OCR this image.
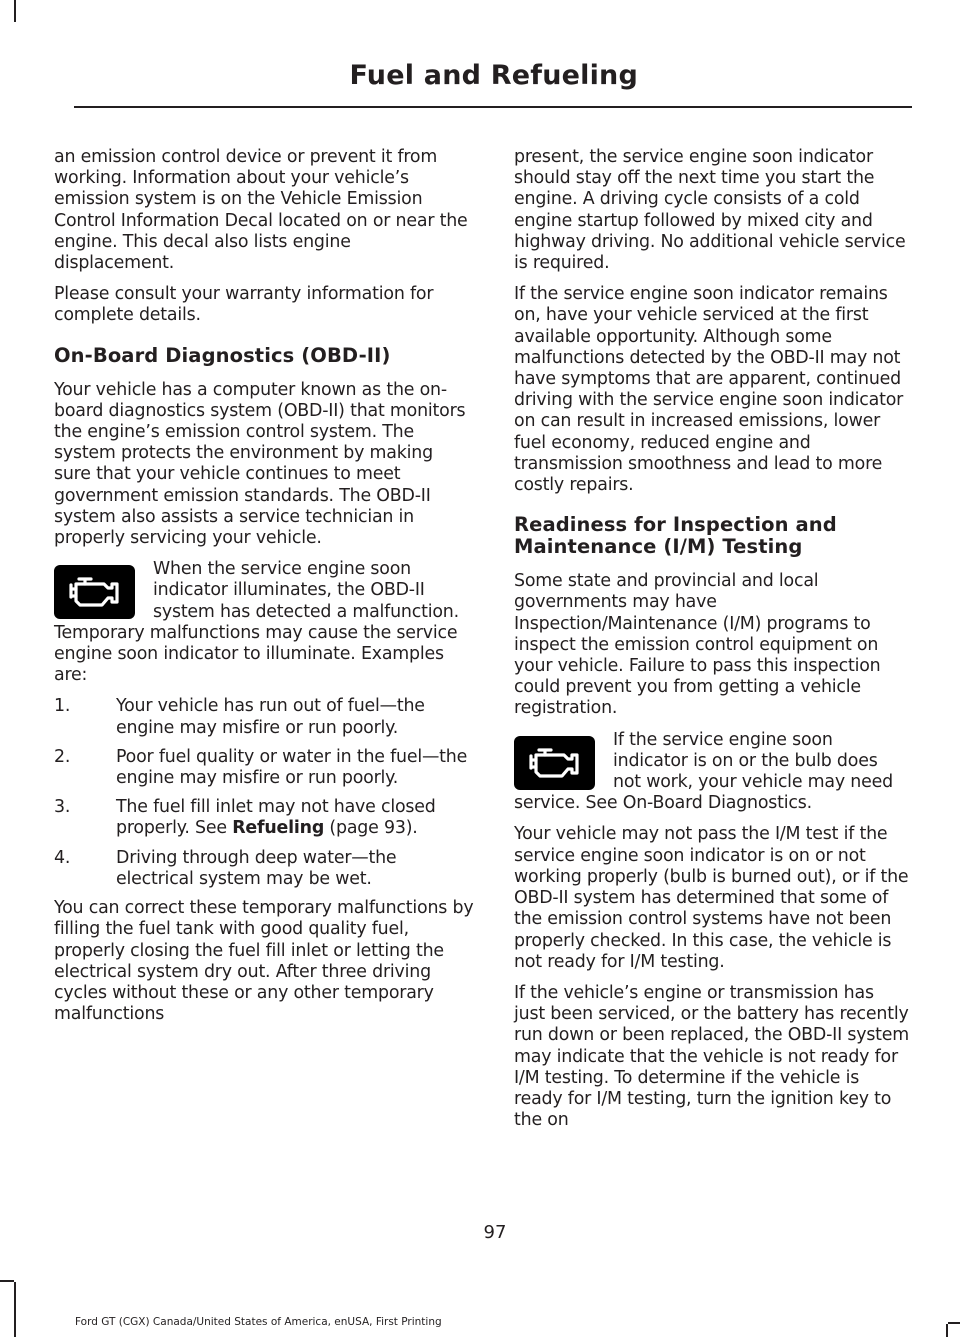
Fuel and Refueling

an emission control device or prevent it from working. Information about your vehicle’s emission system is on the Vehicle Emission Control Information Decal located on or near the engine. This decal also lists engine displacement.

Please consult your warranty information for complete details.

On-Board Diagnostics (OBD-II)

Your vehicle has a computer known as the on-board diagnostics system (OBD-II) that monitors the engine’s emission control system. The system protects the environment by making sure that your vehicle continues to meet government emission standards. The OBD-II system also assists a service technician in properly servicing your vehicle.

When the service engine soon indicator illuminates, the OBD-II system has detected a malfunction. Temporary malfunctions may cause the service engine soon indicator to illuminate. Examples are:
1.	Your vehicle has run out of fuel—the engine may misfire or run poorly.
2.	Poor fuel quality or water in the fuel—the engine may misfire or run poorly.
3.	The fuel fill inlet may not have closed properly. See Refueling (page 93).
4.	Driving through deep water—the electrical system may be wet.

You can correct these temporary malfunctions by filling the fuel tank with good quality fuel, properly closing the fuel fill inlet or letting the electrical system dry out. After three driving cycles without these or any other temporary malfunctions

present, the service engine soon indicator should stay off the next time you start the engine. A driving cycle consists of a cold engine startup followed by mixed city and highway driving. No additional vehicle service is required.

If the service engine soon indicator remains on, have your vehicle serviced at the first available opportunity. Although some malfunctions detected by the OBD-II may not have symptoms that are apparent, continued driving with the service engine soon indicator on can result in increased emissions, lower fuel economy, reduced engine and transmission smoothness and lead to more costly repairs.

Readiness for Inspection and Maintenance (I/M) Testing

Some state and provincial and local governments may have Inspection/Maintenance (I/M) programs to inspect the emission control equipment on your vehicle. Failure to pass this inspection could prevent you from getting a vehicle registration.

If the service engine soon indicator is on or the bulb does not work, your vehicle may need service. See On-Board Diagnostics.

Your vehicle may not pass the I/M test if the service engine soon indicator is on or not working properly (bulb is burned out), or if the OBD-II system has determined that some of the emission control systems have not been properly checked. In this case, the vehicle is not ready for I/M testing.

If the vehicle’s engine or transmission has just been serviced, or the battery has recently run down or been replaced, the OBD-II system may indicate that the vehicle is not ready for I/M testing. To determine if the vehicle is ready for I/M testing, turn the ignition key to the on

97
Ford GT (CGX) Canada/United States of America, enUSA, First Printing
